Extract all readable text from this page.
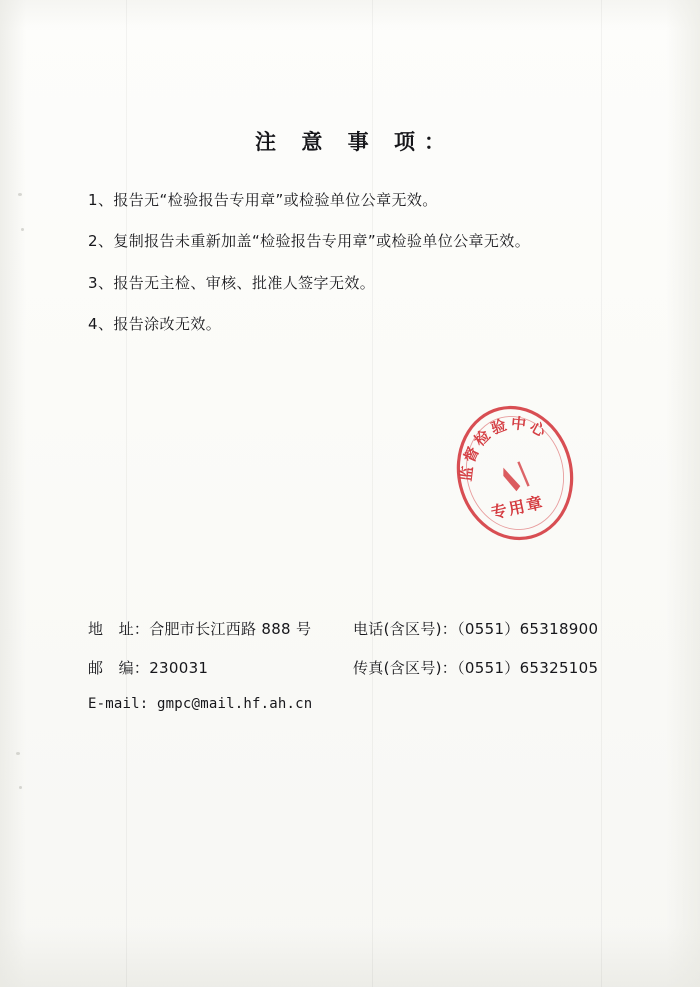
注 意 事 项：
1、报告无“检验报告专用章”或检验单位公章无效。
2、复制报告未重新加盖“检验报告专用章”或检验单位公章无效。
3、报告无主检、审核、批准人签字无效。
4、报告涂改无效。
监督检验中心
专用章
地　址：合肥市长江西路 888 号	电话(含区号)：（0551）65318900
邮　编：230031	传真(含区号)：（0551）65325105
E-mail: gmpc@mail.hf.ah.cn
